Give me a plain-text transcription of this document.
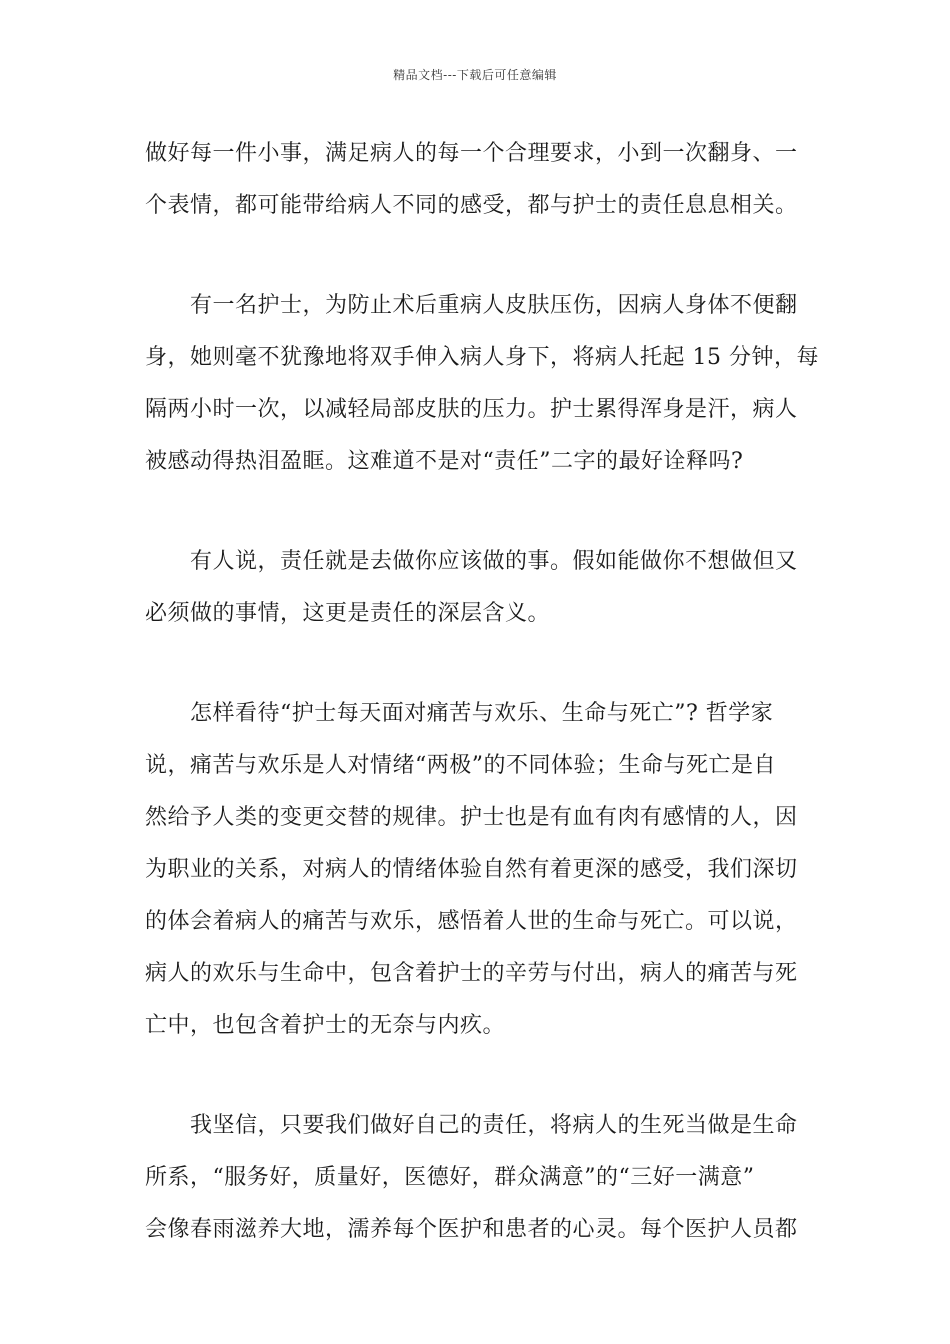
精品文档---下载后可任意编辑
做好每一件小事，满足病人的每一个合理要求，小到一次翻身、一
个表情，都可能带给病人不同的感受，都与护士的责任息息相关。
有一名护士，为防止术后重病人皮肤压伤，因病人身体不便翻
身，她则毫不犹豫地将双手伸入病人身下，将病人托起 15 分钟，每
隔两小时一次，以减轻局部皮肤的压力。护士累得浑身是汗，病人
被感动得热泪盈眶。这难道不是对“责任”二字的最好诠释吗?
有人说，责任就是去做你应该做的事。假如能做你不想做但又
必须做的事情，这更是责任的深层含义。
怎样看待“护士每天面对痛苦与欢乐、生命与死亡”? 哲学家
说，痛苦与欢乐是人对情绪“两极”的不同体验；生命与死亡是自
然给予人类的变更交替的规律。护士也是有血有肉有感情的人，因
为职业的关系，对病人的情绪体验自然有着更深的感受，我们深切
的体会着病人的痛苦与欢乐，感悟着人世的生命与死亡。可以说，
病人的欢乐与生命中，包含着护士的辛劳与付出，病人的痛苦与死
亡中，也包含着护士的无奈与内疚。
我坚信，只要我们做好自己的责任，将病人的生死当做是生命
所系，“服务好，质量好，医德好，群众满意”的“三好一满意”
会像春雨滋养大地，濡养每个医护和患者的心灵。每个医护人员都
